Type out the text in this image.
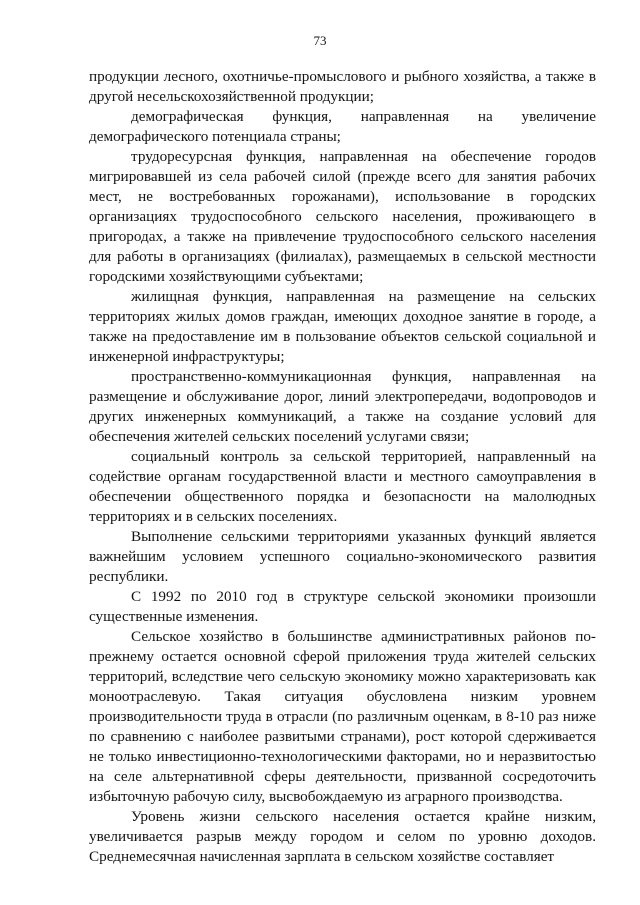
73

продукции лесного, охотничье-промыслового и рыбного хозяйства, а также в другой несельскохозяйственной продукции;

демографическая функция, направленная на увеличение демографического потенциала страны;

трудоресурсная функция, направленная на обеспечение городов мигрировавшей из села рабочей силой (прежде всего для занятия рабочих мест, не востребованных горожанами), использование в городских организациях трудоспособного сельского населения, проживающего в пригородах, а также на привлечение трудоспособного сельского населения для работы в организациях (филиалах), размещаемых в сельской местности городскими хозяйствующими субъектами;

жилищная функция, направленная на размещение на сельских территориях жилых домов граждан, имеющих доходное занятие в городе, а также на предоставление им в пользование объектов сельской социальной и инженерной инфраструктуры;

пространственно-коммуникационная функция, направленная на размещение и обслуживание дорог, линий электропередачи, водопроводов и других инженерных коммуникаций, а также на создание условий для обеспечения жителей сельских поселений услугами связи;

социальный контроль за сельской территорией, направленный на содействие органам государственной власти и местного самоуправления в обеспечении общественного порядка и безопасности на малолюдных территориях и в сельских поселениях.

Выполнение сельскими территориями указанных функций является важнейшим условием успешного социально-экономического развития республики.

С 1992 по 2010 год в структуре сельской экономики произошли существенные изменения.

Сельское хозяйство в большинстве административных районов по-прежнему остается основной сферой приложения труда жителей сельских территорий, вследствие чего сельскую экономику можно характеризовать как моноотраслевую. Такая ситуация обусловлена низким уровнем производительности труда в отрасли (по различным оценкам, в 8-10 раз ниже по сравнению с наиболее развитыми странами), рост которой сдерживается не только инвестиционно-технологическими факторами, но и неразвитостью на селе альтернативной сферы деятельности, призванной сосредоточить избыточную рабочую силу, высвобождаемую из аграрного производства.

Уровень жизни сельского населения остается крайне низким, увеличивается разрыв между городом и селом по уровню доходов. Среднемесячная начисленная зарплата в сельском хозяйстве составляет
